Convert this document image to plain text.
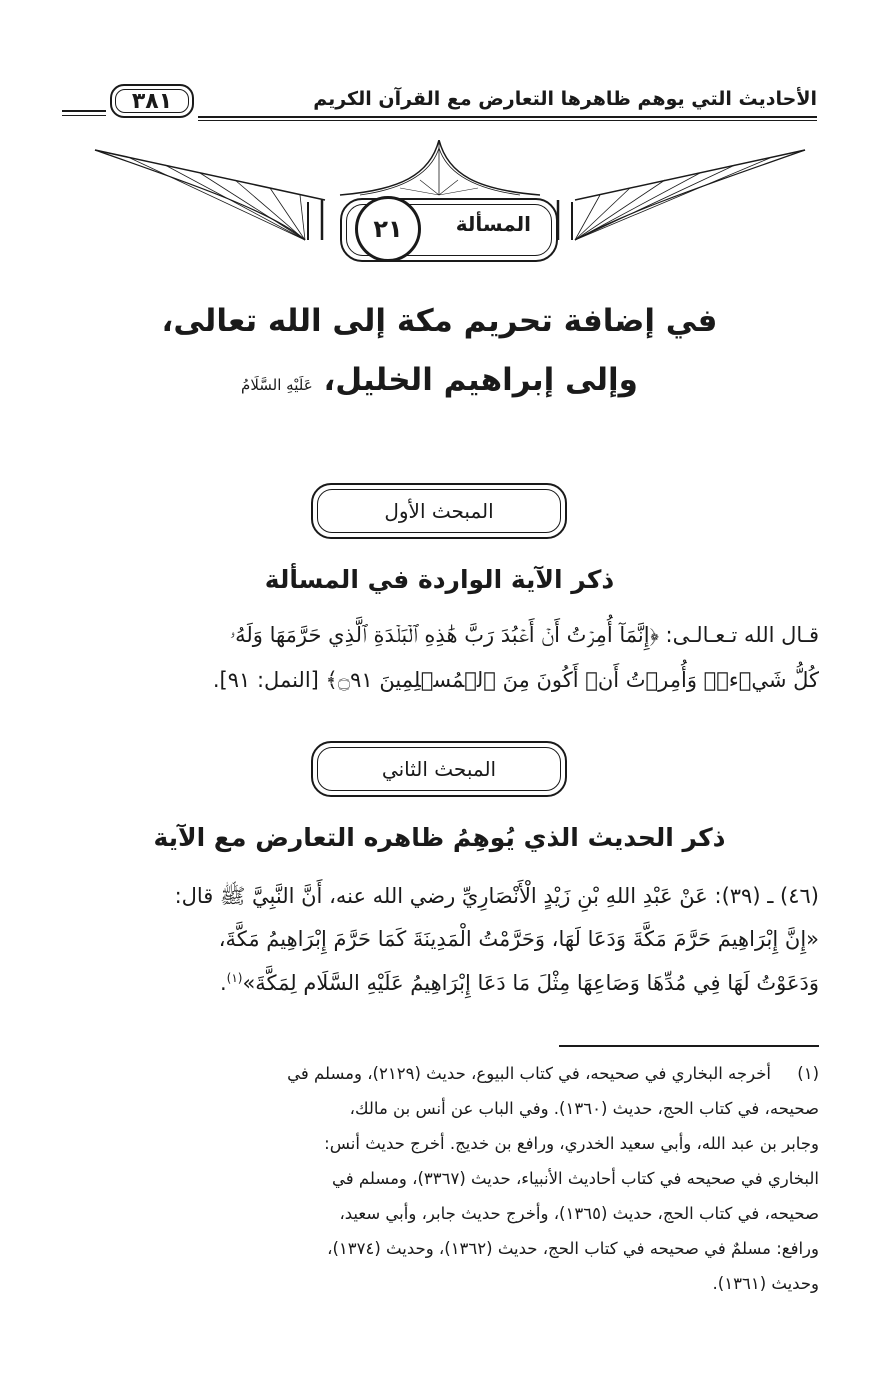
الأحاديث التي يوهم ظاهرها التعارض مع القرآن الكريم
٣٨١
المسألة
٢١
في إضافة تحريم مكة إلى الله تعالى،
وإلى إبراهيم الخليل، عَلَيْهِ السَّلَامُ
المبحث الأول
ذكر الآية الواردة في المسألة
قـال الله تـعـالـى: ﴿إِنَّمَآ أُمِرۡتُ أَنۡ أَعۡبُدَ رَبَّ هَٰذِهِ ٱلۡبَلۡدَةِ ٱلَّذِي حَرَّمَهَا وَلَهُۥ
كُلُّ شَيۡءٖۖ وَأُمِرۡتُ أَنۡ أَكُونَ مِنَ ٱلۡمُسۡلِمِينَ ۝٩١﴾ [النمل: ٩١].
المبحث الثاني
ذكر الحديث الذي يُوهِمُ ظاهره التعارض مع الآية
(٤٦) ـ (٣٩): عَنْ عَبْدِ اللهِ بْنِ زَيْدٍ الْأَنْصَارِيِّ رضي الله عنه، أَنَّ النَّبِيَّ ﷺ قال:
«إِنَّ إِبْرَاهِيمَ حَرَّمَ مَكَّةَ وَدَعَا لَهَا، وَحَرَّمْتُ الْمَدِينَةَ كَمَا حَرَّمَ إِبْرَاهِيمُ مَكَّةَ،
وَدَعَوْتُ لَهَا فِي مُدِّهَا وَصَاعِهَا مِثْلَ مَا دَعَا إِبْرَاهِيمُ عَلَيْهِ السَّلَام لِمَكَّةَ»$^{(١)}$.
(١)
أخرجه البخاري في صحيحه، في كتاب البيوع، حديث (٢١٢٩)، ومسلم في
صحيحه، في كتاب الحج، حديث (١٣٦٠). وفي الباب عن أنس بن مالك،
وجابر بن عبد الله، وأبي سعيد الخدري، ورافع بن خديج. أخرج حديث أنس:
البخاري في صحيحه في كتاب أحاديث الأنبياء، حديث (٣٣٦٧)، ومسلم في
صحيحه، في كتاب الحج، حديث (١٣٦٥)، وأخرج حديث جابر، وأبي سعيد،
ورافع: مسلمٌ في صحيحه في كتاب الحج، حديث (١٣٦٢)، وحديث (١٣٧٤)،
وحديث (١٣٦١).
